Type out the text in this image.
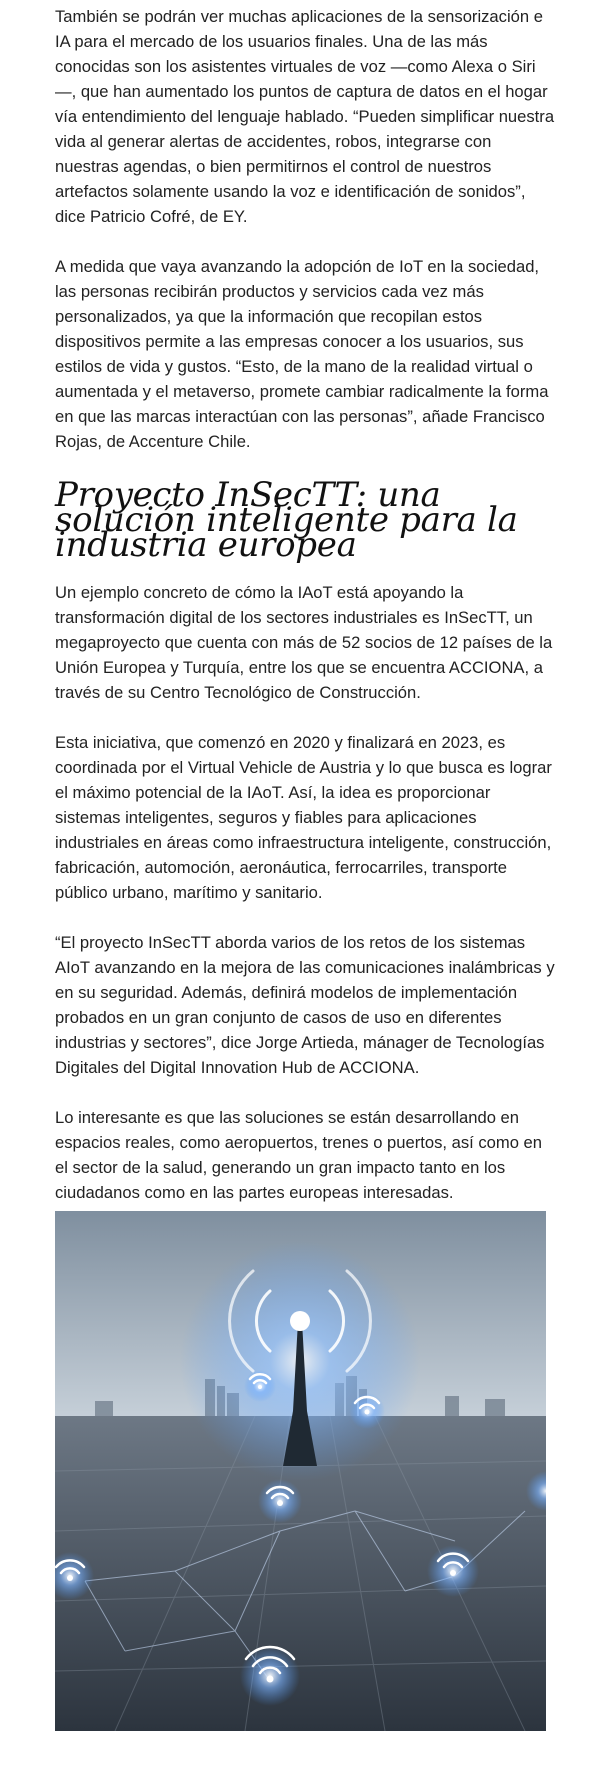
También se podrán ver muchas aplicaciones de la sensorización e IA para el mercado de los usuarios finales. Una de las más conocidas son los asistentes virtuales de voz —como Alexa o Siri—, que han aumentado los puntos de captura de datos en el hogar vía entendimiento del lenguaje hablado. “Pueden simplificar nuestra vida al generar alertas de accidentes, robos, integrarse con nuestras agendas, o bien permitirnos el control de nuestros artefactos solamente usando la voz e identificación de sonidos”, dice Patricio Cofré, de EY.

A medida que vaya avanzando la adopción de IoT en la sociedad, las personas recibirán productos y servicios cada vez más personalizados, ya que la información que recopilan estos dispositivos permite a las empresas conocer a los usuarios, sus estilos de vida y gustos. “Esto, de la mano de la realidad virtual o aumentada y el metaverso, promete cambiar radicalmente la forma en que las marcas interactúan con las personas”, añade Francisco Rojas, de Accenture Chile.

Proyecto InSecTT: una solución inteligente para la industria europea

Un ejemplo concreto de cómo la IAoT está apoyando la transformación digital de los sectores industriales es InSecTT, un megaproyecto que cuenta con más de 52 socios de 12 países de la Unión Europea y Turquía, entre los que se encuentra ACCIONA, a través de su Centro Tecnológico de Construcción.

Esta iniciativa, que comenzó en 2020 y finalizará en 2023, es coordinada por el Virtual Vehicle de Austria y lo que busca es lograr el máximo potencial de la IAoT. Así, la idea es proporcionar sistemas inteligentes, seguros y fiables para aplicaciones industriales en áreas como infraestructura inteligente, construcción, fabricación, automoción, aeronáutica, ferrocarriles, transporte público urbano, marítimo y sanitario.

“El proyecto InSecTT aborda varios de los retos de los sistemas AIoT avanzando en la mejora de las comunicaciones inalámbricas y en su seguridad. Además, definirá modelos de implementación probados en un gran conjunto de casos de uso en diferentes industrias y sectores”, dice Jorge Artieda, mánager de Tecnologías Digitales del Digital Innovation Hub de ACCIONA.

Lo interesante es que las soluciones se están desarrollando en espacios reales, como aeropuertos, trenes o puertos, así como en el sector de la salud, generando un gran impacto tanto en los ciudadanos como en las partes europeas interesadas.
